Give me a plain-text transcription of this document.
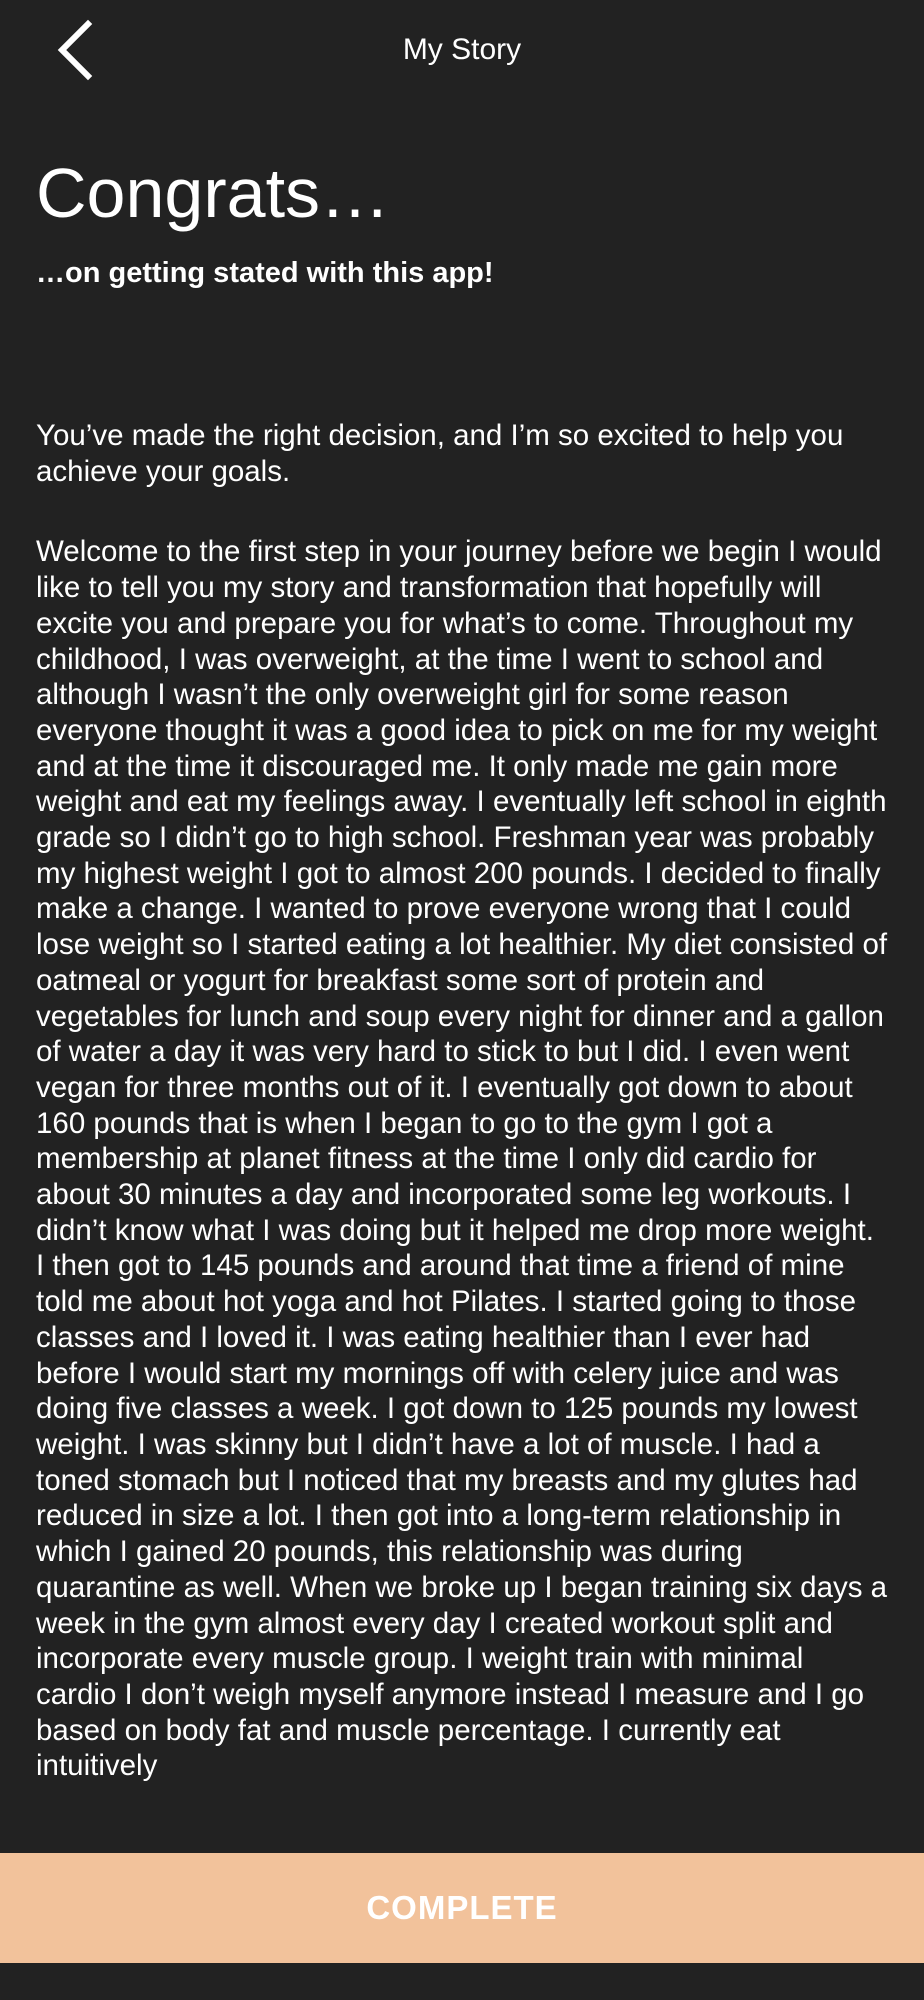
My Story
Congrats…
…on getting stated with this app!

You’ve made the right decision, and I’m so excited to help you achieve your goals.

Welcome to the first step in your journey before we begin I would like to tell you my story and transformation that hopefully will excite you and prepare you for what’s to come. Throughout my childhood, I was overweight, at the time I went to school and although I wasn’t the only overweight girl for some reason everyone thought it was a good idea to pick on me for my weight and at the time it discouraged me. It only made me gain more weight and eat my feelings away. I eventually left school in eighth grade so I didn’t go to high school. Freshman year was probably my highest weight I got to almost 200 pounds. I decided to finally make a change. I wanted to prove everyone wrong that I could lose weight so I started eating a lot healthier. My diet consisted of oatmeal or yogurt for breakfast some sort of protein and vegetables for lunch and soup every night for dinner and a gallon of water a day it was very hard to stick to but I did. I even went vegan for three months out of it. I eventually got down to about 160 pounds that is when I began to go to the gym I got a membership at planet fitness at the time I only did cardio for about 30 minutes a day and incorporated some leg workouts. I didn’t know what I was doing but it helped me drop more weight. I then got to 145 pounds and around that time a friend of mine told me about hot yoga and hot Pilates. I started going to those classes and I loved it. I was eating healthier than I ever had before I would start my mornings off with celery juice and was doing five classes a week. I got down to 125 pounds my lowest weight. I was skinny but I didn’t have a lot of muscle. I had a toned stomach but I noticed that my breasts and my glutes had reduced in size a lot. I then got into a long-term relationship in which I gained 20 pounds, this relationship was during quarantine as well. When we broke up I began training six days a week in the gym almost every day I created workout split and incorporate every muscle group. I weight train with minimal cardio I don’t weigh myself anymore instead I measure and I go based on body fat and muscle percentage. I currently eat intuitively

COMPLETE
